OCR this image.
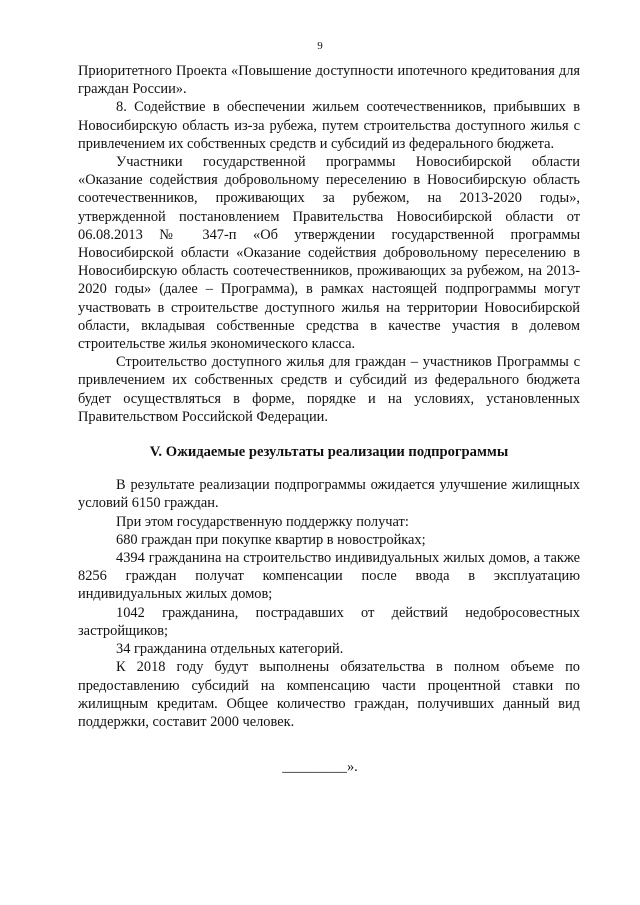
9

Приоритетного Проекта «Повышение доступности ипотечного кредитования для граждан России».

8. Содействие в обеспечении жильем соотечественников, прибывших в Новосибирскую область из-за рубежа, путем строительства доступного жилья с привлечением их собственных средств и субсидий из федерального бюджета.

Участники государственной программы Новосибирской области «Оказание содействия добровольному переселению в Новосибирскую область соотечественников, проживающих за рубежом, на 2013-2020 годы», утвержденной постановлением Правительства Новосибирской области от 06.08.2013 № 347-п «Об утверждении государственной программы Новосибирской области «Оказание содействия добровольному переселению в Новосибирскую область соотечественников, проживающих за рубежом, на 2013-2020 годы» (далее – Программа), в рамках настоящей подпрограммы могут участвовать в строительстве доступного жилья на территории Новосибирской области, вкладывая собственные средства в качестве участия в долевом строительстве жилья экономического класса.

Строительство доступного жилья для граждан – участников Программы с привлечением их собственных средств и субсидий из федерального бюджета будет осуществляться в форме, порядке и на условиях, установленных Правительством Российской Федерации.

V. Ожидаемые результаты реализации подпрограммы

В результате реализации подпрограммы ожидается улучшение жилищных условий 6150 граждан.

При этом государственную поддержку получат:

680 граждан при покупке квартир в новостройках;

4394 гражданина на строительство индивидуальных жилых домов, а также 8256 граждан получат компенсации после ввода в эксплуатацию индивидуальных жилых домов;

1042 гражданина, пострадавших от действий недобросовестных застройщиков;

34 гражданина отдельных категорий.

К 2018 году будут выполнены обязательства в полном объеме по предоставлению субсидий на компенсацию части процентной ставки по жилищным кредитам. Общее количество граждан, получивших данный вид поддержки, составит 2000 человек.

_________».
